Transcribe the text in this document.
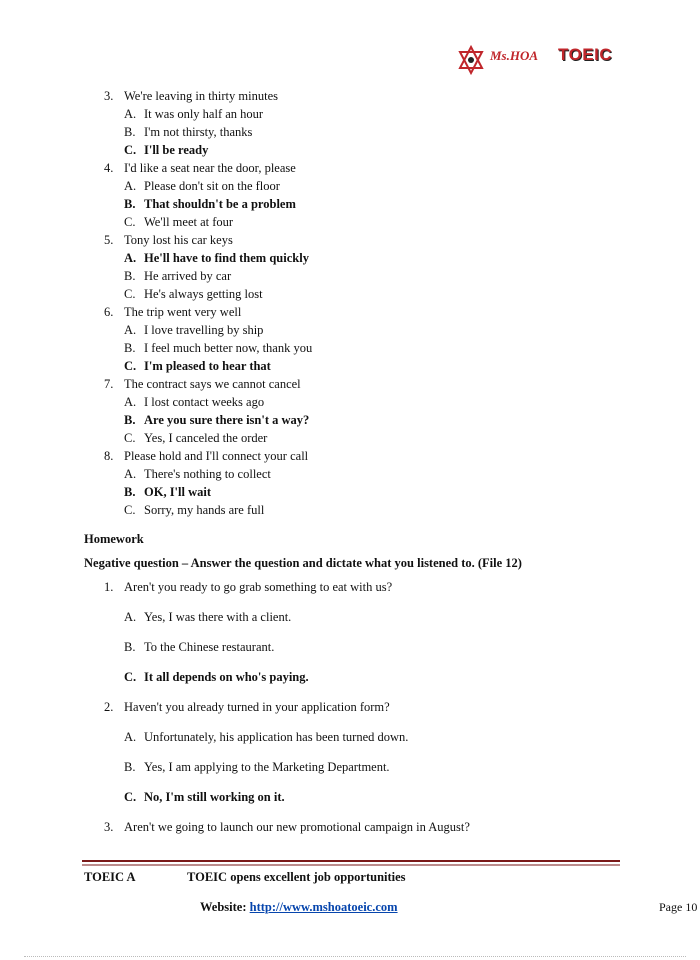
Ms.HOA TOEIC
3. We're leaving in thirty minutes
A. It was only half an hour
B. I'm not thirsty, thanks
C. I'll be ready
4. I'd like a seat near the door, please
A. Please don't sit on the floor
B. That shouldn't be a problem
C. We'll meet at four
5. Tony lost his car keys
A. He'll have to find them quickly
B. He arrived by car
C. He's always getting lost
6. The trip went very well
A. I love travelling by ship
B. I feel much better now, thank you
C. I'm pleased to hear that
7. The contract says we cannot cancel
A. I lost contact weeks ago
B. Are you sure there isn't a way?
C. Yes, I canceled the order
8. Please hold and I'll connect your call
A. There's nothing to collect
B. OK, I'll wait
C. Sorry, my hands are full
Homework
Negative question – Answer the question and dictate what you listened to. (File 12)
1. Aren't you ready to go grab something to eat with us?
A. Yes, I was there with a client.
B. To the Chinese restaurant.
C. It all depends on who's paying.
2. Haven't you already turned in your application form?
A. Unfortunately, his application has been turned down.
B. Yes, I am applying to the Marketing Department.
C. No, I'm still working on it.
3. Aren't we going to launch our new promotional campaign in August?
TOEIC A	TOEIC opens excellent job opportunities
Website: http://www.mshoatoeic.com	Page 10
